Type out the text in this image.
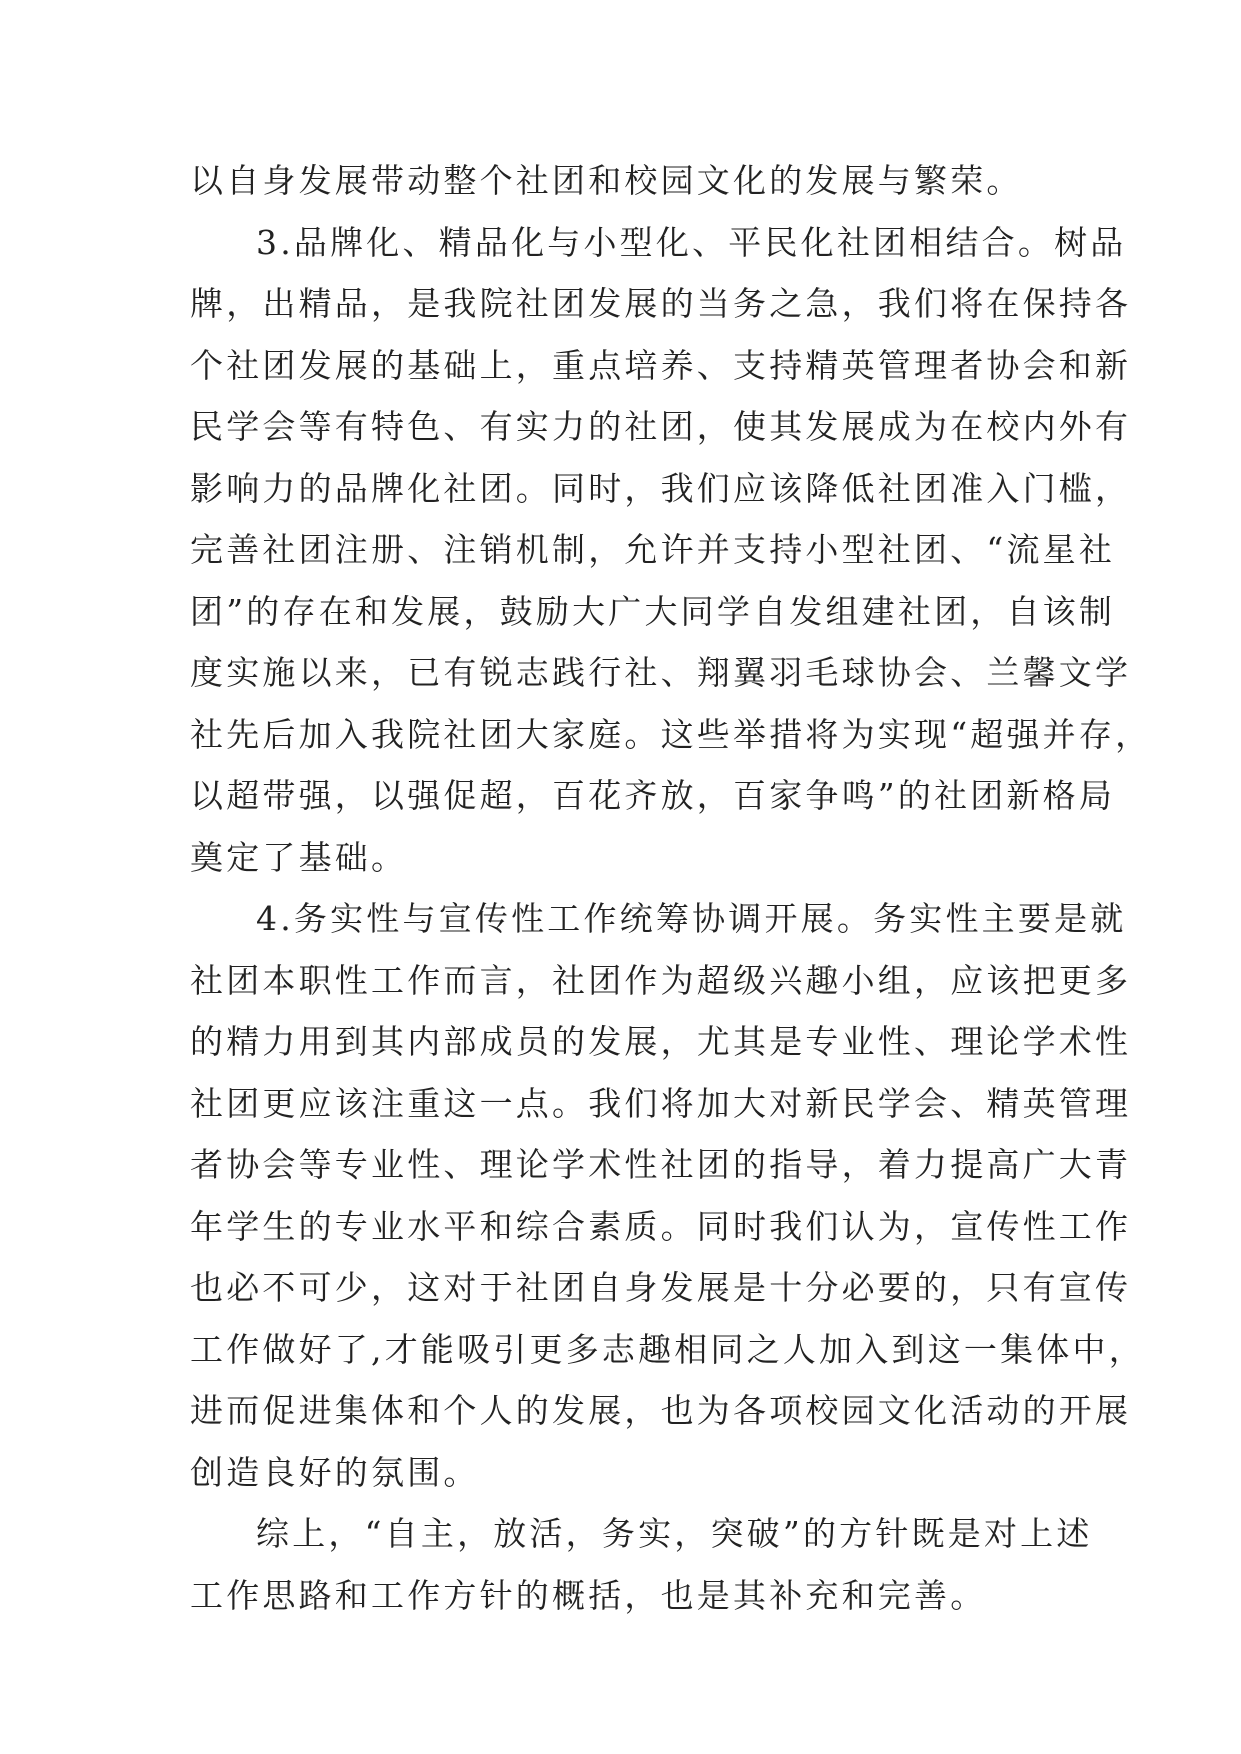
以自身发展带动整个社团和校园文化的发展与繁荣。
3.品牌化、精品化与小型化、平民化社团相结合。树品
牌，出精品，是我院社团发展的当务之急，我们将在保持各
个社团发展的基础上，重点培养、支持精英管理者协会和新
民学会等有特色、有实力的社团，使其发展成为在校内外有
影响力的品牌化社团。同时，我们应该降低社团准入门槛，
完善社团注册、注销机制，允许并支持小型社团、“流星社
团”的存在和发展，鼓励大广大同学自发组建社团，自该制
度实施以来，已有锐志践行社、翔翼羽毛球协会、兰馨文学
社先后加入我院社团大家庭。这些举措将为实现“超强并存，
以超带强，以强促超，百花齐放，百家争鸣”的社团新格局
奠定了基础。
4.务实性与宣传性工作统筹协调开展。务实性主要是就
社团本职性工作而言，社团作为超级兴趣小组，应该把更多
的精力用到其内部成员的发展，尤其是专业性、理论学术性
社团更应该注重这一点。我们将加大对新民学会、精英管理
者协会等专业性、理论学术性社团的指导，着力提高广大青
年学生的专业水平和综合素质。同时我们认为，宣传性工作
也必不可少，这对于社团自身发展是十分必要的，只有宣传
工作做好了,才能吸引更多志趣相同之人加入到这一集体中，
进而促进集体和个人的发展，也为各项校园文化活动的开展
创造良好的氛围。
综上，“自主，放活，务实，突破”的方针既是对上述
工作思路和工作方针的概括，也是其补充和完善。
